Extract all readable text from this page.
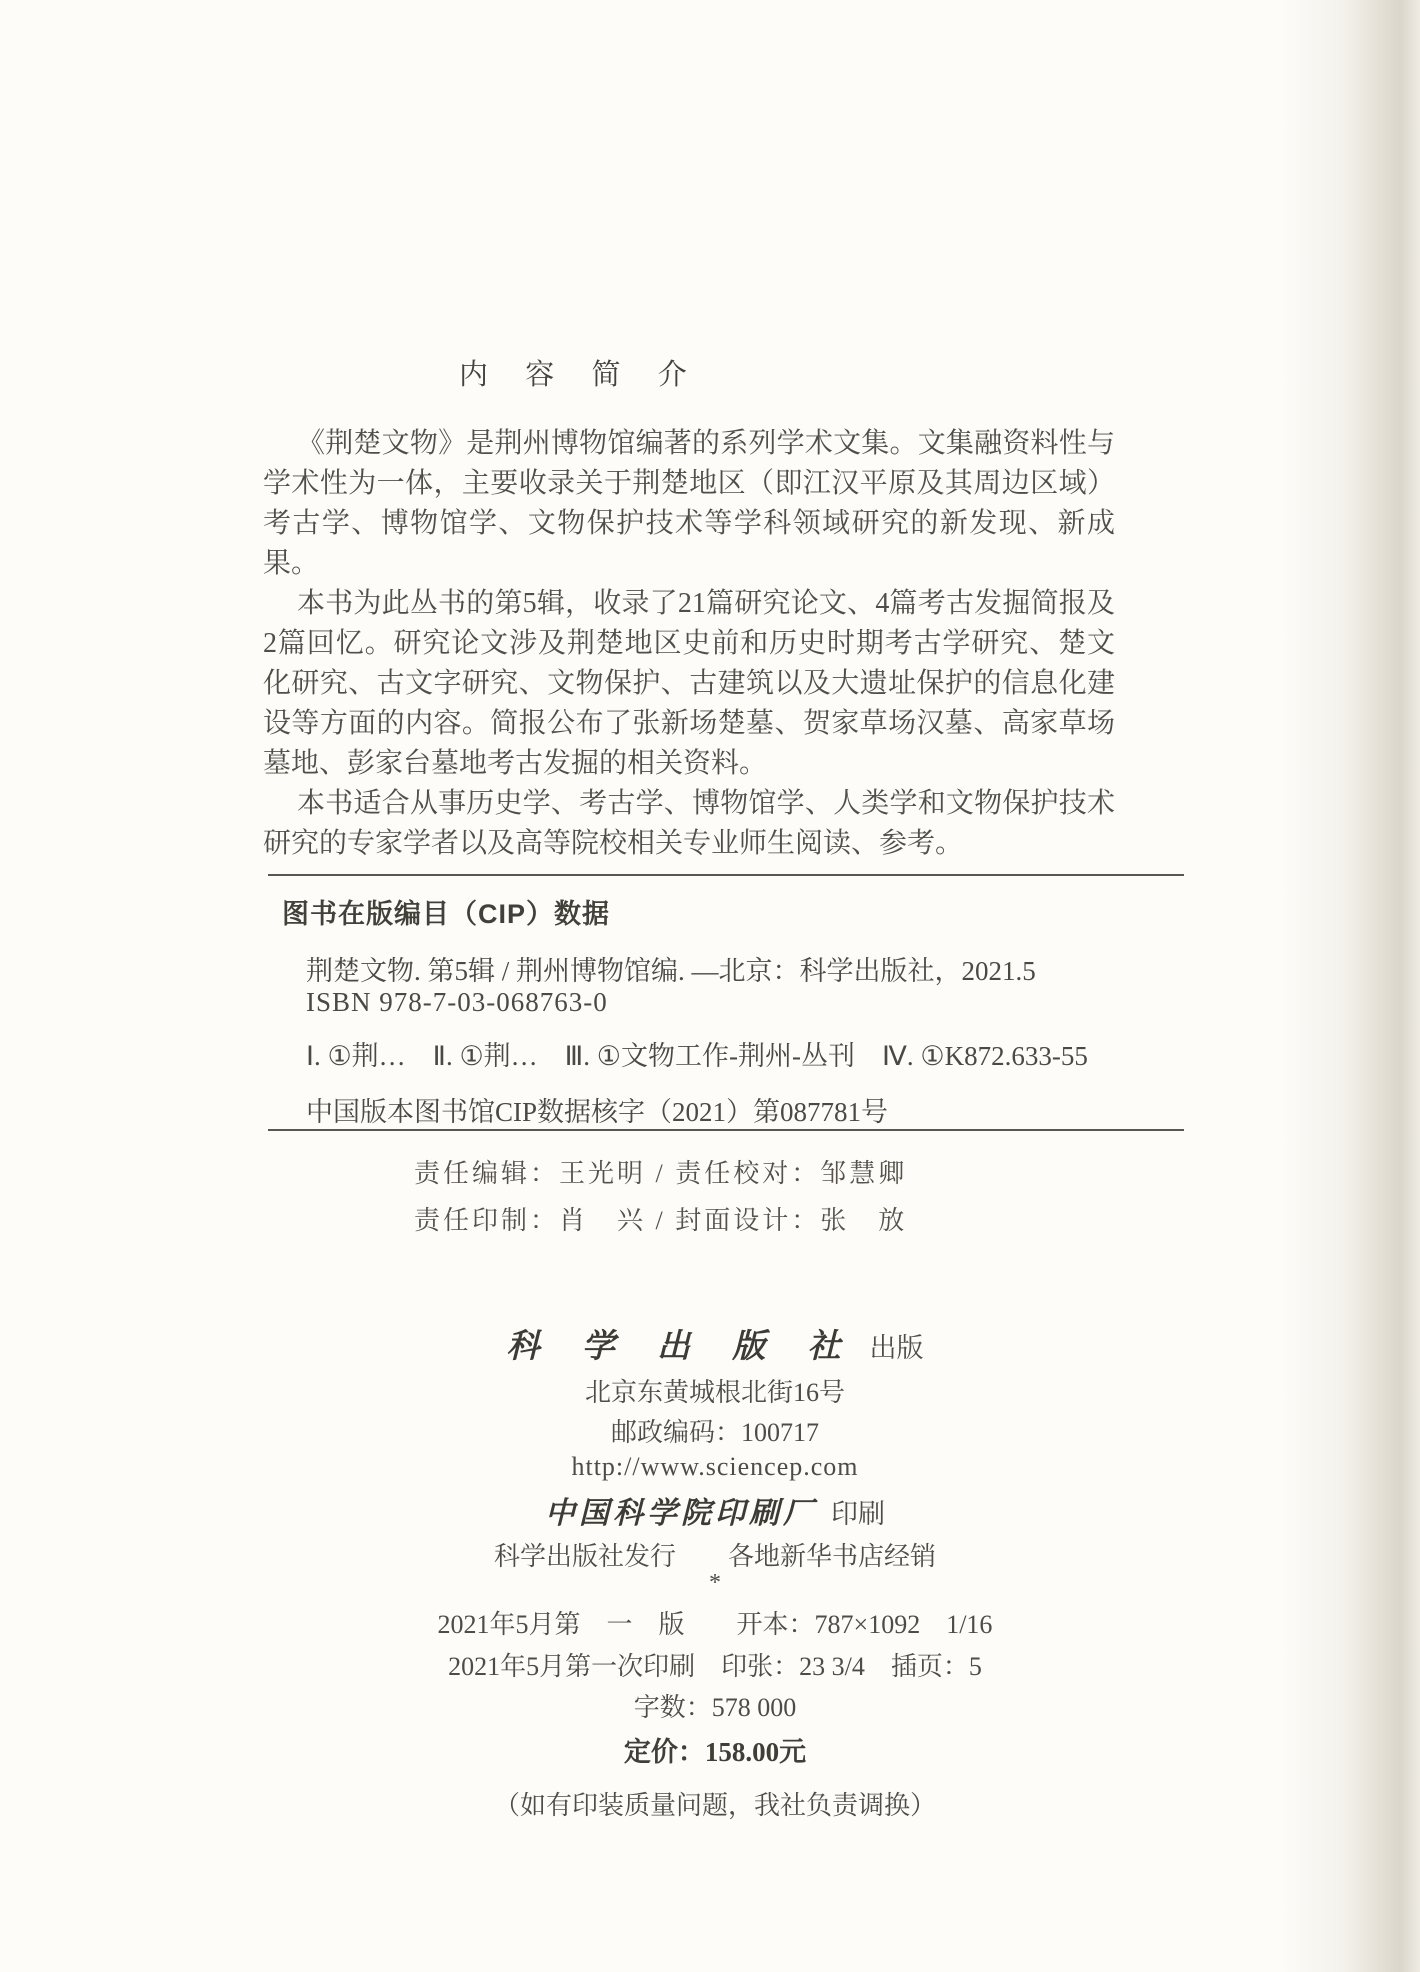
内 容 简 介

《荆楚文物》是荆州博物馆编著的系列学术文集。文集融资料性与学术性为一体，主要收录关于荆楚地区（即江汉平原及其周边区域）考古学、博物馆学、文物保护技术等学科领域研究的新发现、新成果。

本书为此丛书的第5辑，收录了21篇研究论文、4篇考古发掘简报及2篇回忆。研究论文涉及荆楚地区史前和历史时期考古学研究、楚文化研究、古文字研究、文物保护、古建筑以及大遗址保护的信息化建设等方面的内容。简报公布了张新场楚墓、贺家草场汉墓、高家草场墓地、彭家台墓地考古发掘的相关资料。

本书适合从事历史学、考古学、博物馆学、人类学和文物保护技术研究的专家学者以及高等院校相关专业师生阅读、参考。

图书在版编目（CIP）数据
荆楚文物. 第5辑 / 荆州博物馆编. —北京：科学出版社，2021.5
ISBN 978-7-03-068763-0
Ⅰ. ①荆…　Ⅱ. ①荆…　Ⅲ. ①文物工作-荆州-丛刊　Ⅳ. ①K872.633-55
中国版本图书馆CIP数据核字（2021）第087781号
责任编辑：王光明 / 责任校对：邹慧卿
责任印制：肖　兴 / 封面设计：张　放
科 学 出 版 社 出版
北京东黄城根北街16号
邮政编码：100717
http://www.sciencep.com
中国科学院印刷厂 印刷
科学出版社发行　　各地新华书店经销
*
2021年5月第　一　版　　开本：787×1092　1/16
2021年5月第一次印刷　印张：23 3/4　插页：5
字数：578 000
定价：158.00元
（如有印装质量问题，我社负责调换）
